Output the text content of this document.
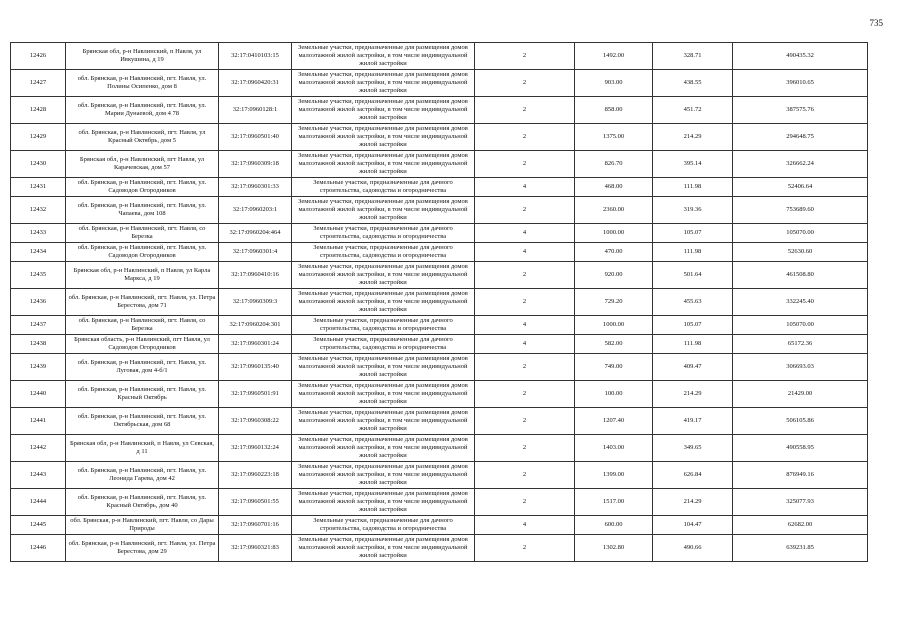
735
12426	Брянская обл, р-н Навлинский, п Навля, ул Ивкушина, д 19	32:17:0410103:15	Земельные участки, предназначенные для размещения домов малоэтажной жилой застройки, в том числе индивидуальной жилой застройки	2	1492.00	328.71	490435.32
12427	обл. Брянская, р-н Навлинский, пгт. Навля, ул. Полины Осипенко, дом 8	32:17:0960420:31	Земельные участки, предназначенные для размещения домов малоэтажной жилой застройки, в том числе индивидуальной жилой застройки	2	903.00	438.55	396010.65
12428	обл. Брянская, р-н Навлинский, пгт. Навля, ул. Марии Дунаевой, дом 4 78	32:17:0960128:1	Земельные участки, предназначенные для размещения домов малоэтажной жилой застройки, в том числе индивидуальной жилой застройки	2	858.00	451.72	387575.76
12429	обл. Брянская, р-н Навлинский, пгт. Навля, ул Красный Октябрь, дом 5	32:17:0960501:40	Земельные участки, предназначенные для размещения домов малоэтажной жилой застройки, в том числе индивидуальной жилой застройки	2	1375.00	214.29	294648.75
12430	Брянская обл, р-н Навлинский, пгт Навля, ул Карачевская, дом 57	32:17:0960309:18	Земельные участки, предназначенные для размещения домов малоэтажной жилой застройки, в том числе индивидуальной жилой застройки	2	826.70	395.14	326662.24
12431	обл. Брянская, р-н Навлинский, пгт. Навля, ул. Садоводов Огородников	32:17:0960301:33	Земельные участки, предназначенные для дачного строительства, садоводства и огородничества	4	468.00	111.98	52406.64
12432	обл. Брянская, р-н Навлинский, пгт. Навля, ул. Чапаева, дом 108	32:17:0960203:1	Земельные участки, предназначенные для размещения домов малоэтажной жилой застройки, в том числе индивидуальной жилой застройки	2	2360.00	319.36	753689.60
12433	обл. Брянская, р-н Навлинский, пгт. Навля, со Березка	32:17:0960204:464	Земельные участки, предназначенные для дачного строительства, садоводства и огородничества	4	1000.00	105.07	105070.00
12434	обл. Брянская, р-н Навлинский, пгт. Навля, ул. Садоводов Огородников	32:17:0960301:4	Земельные участки, предназначенные для дачного строительства, садоводства и огородничества	4	470.00	111.98	52630.60
12435	Брянская обл, р-н Навлинский, п Навля, ул Карла Маркса, д 19	32:17:0960410:16	Земельные участки, предназначенные для размещения домов малоэтажной жилой застройки, в том числе индивидуальной жилой застройки	2	920.00	501.64	461508.80
12436	обл. Брянская, р-н Навлинский, пгт. Навля, ул. Петра Берестова, дом 71	32:17:0960309:3	Земельные участки, предназначенные для размещения домов малоэтажной жилой застройки, в том числе индивидуальной жилой застройки	2	729.20	455.63	332245.40
12437	обл. Брянская, р-н Навлинский, пгт. Навля, со Березка	32:17:0960204:301	Земельные участки, предназначенные для дачного строительства, садоводства и огородничества	4	1000.00	105.07	105070.00
12438	Брянская область, р-н Навлинский, пгт Навля, ул Садоводов Огородников	32:17:0960301:24	Земельные участки, предназначенные для дачного строительства, садоводства и огородничества	4	582.00	111.98	65172.36
12439	обл. Брянская, р-н Навлинский, пгт. Навля, ул. Луговая, дом 4-б/1	32:17:0960135:40	Земельные участки, предназначенные для размещения домов малоэтажной жилой застройки, в том числе индивидуальной жилой застройки	2	749.00	409.47	306693.03
12440	обл. Брянская, р-н Навлинский, пгт. Навля, ул. Красный Октябрь	32:17:0960501:91	Земельные участки, предназначенные для размещения домов малоэтажной жилой застройки, в том числе индивидуальной жилой застройки	2	100.00	214.29	21429.00
12441	обл. Брянская, р-н Навлинский, пгт. Навля, ул. Октябрьская, дом 68	32:17:0960308:22	Земельные участки, предназначенные для размещения домов малоэтажной жилой застройки, в том числе индивидуальной жилой застройки	2	1207.40	419.17	506105.86
12442	Брянская обл, р-н Навлинский, п Навля, ул Севская, д 11	32:17:0960132:24	Земельные участки, предназначенные для размещения домов малоэтажной жилой застройки, в том числе индивидуальной жилой застройки	2	1403.00	349.65	490558.95
12443	обл. Брянская, р-н Навлинский, пгт. Навля, ул. Леонида Гарева, дом 42	32:17:0960223:18	Земельные участки, предназначенные для размещения домов малоэтажной жилой застройки, в том числе индивидуальной жилой застройки	2	1399.00	626.84	876949.16
12444	обл. Брянская, р-н Навлинский, пгт. Навля, ул. Красный Октябрь, дом 40	32:17:0960501:55	Земельные участки, предназначенные для размещения домов малоэтажной жилой застройки, в том числе индивидуальной жилой застройки	2	1517.00	214.29	325077.93
12445	обл. Брянская, р-н Навлинский, пгт. Навля, со Дары Природы	32:17:0960701:16	Земельные участки, предназначенные для дачного строительства, садоводства и огородничества	4	600.00	104.47	62682.00
12446	обл. Брянская, р-н Навлинский, пгт. Навля, ул. Петра Берестова, дом 29	32:17:0960321:83	Земельные участки, предназначенные для размещения домов малоэтажной жилой застройки, в том числе индивидуальной жилой застройки	2	1302.80	490.66	639231.85
